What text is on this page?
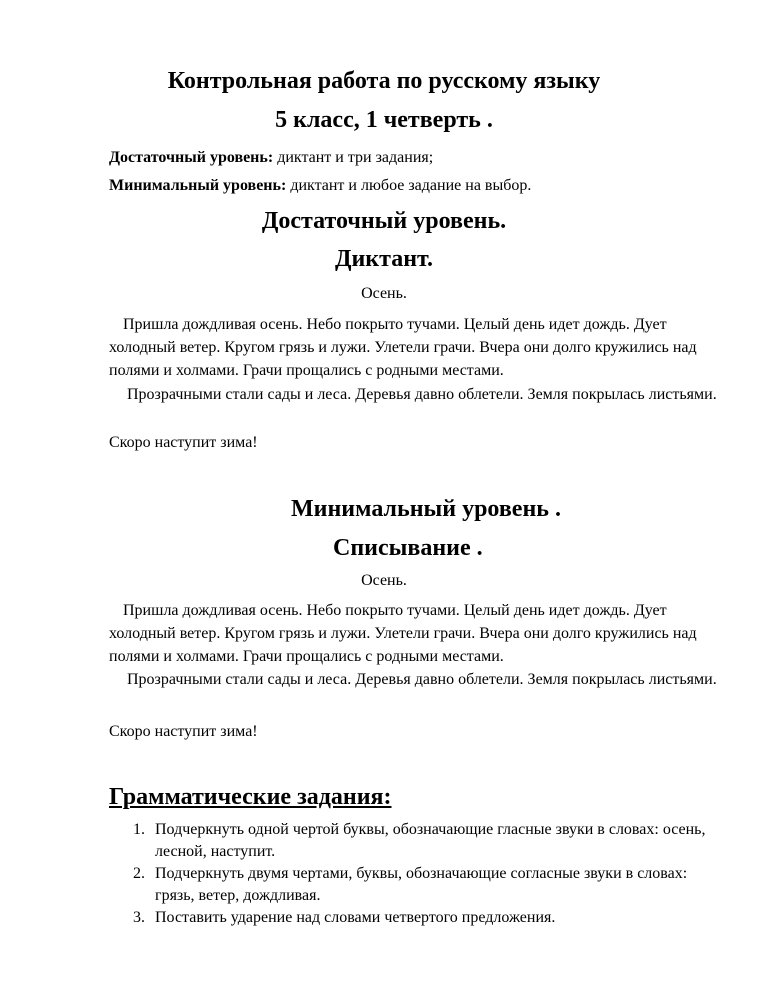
Контрольная работа по русскому языку
5 класс, 1 четверть .
Достаточный уровень: диктант и три задания;
Минимальный уровень: диктант и любое задание на выбор.
Достаточный уровень.
Диктант.
Осень.

Пришла дождливая осень. Небо покрыто тучами. Целый день идет дождь. Дует холодный ветер. Кругом грязь и лужи. Улетели грачи. Вчера они долго кружились над полями и холмами. Грачи прощались с родными местами.

Прозрачными стали сады и леса. Деревья давно облетели. Земля покрылась листьями.

Скоро наступит зима!

Минимальный уровень .
Списывание .
Осень.

Пришла дождливая осень. Небо покрыто тучами. Целый день идет дождь. Дует холодный ветер. Кругом грязь и лужи. Улетели грачи. Вчера они долго кружились над полями и холмами. Грачи прощались с родными местами.

Прозрачными стали сады и леса. Деревья давно облетели. Земля покрылась листьями.

Скоро наступит зима!

Грамматические задания:
1. Подчеркнуть одной чертой буквы, обозначающие гласные звуки в словах: осень, лесной, наступит.
2. Подчеркнуть двумя чертами, буквы, обозначающие согласные звуки в словах: грязь, ветер, дождливая.
3. Поставить ударение над словами четвертого предложения.
